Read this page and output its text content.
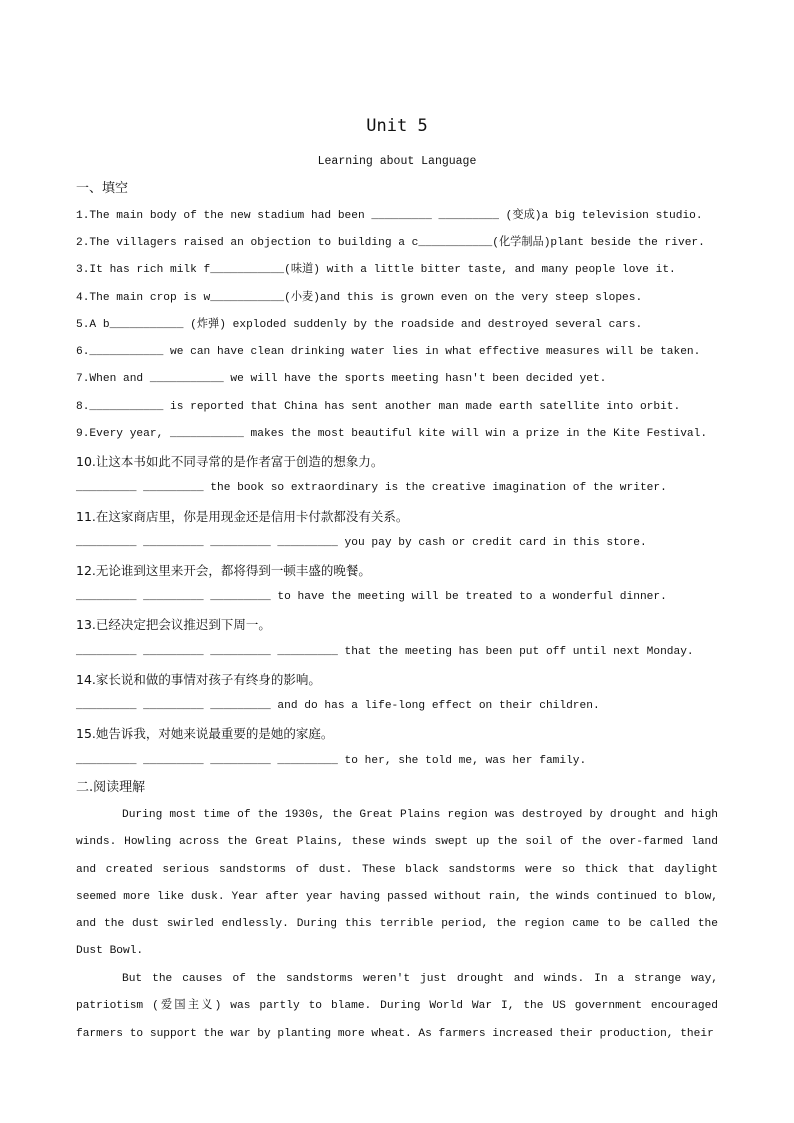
Unit 5
Learning about Language
一、填空
1.The main body of the new stadium had been _________ _________ (变成)a big television studio.
2.The villagers raised an objection to building a c___________(化学制品)plant beside the river.
3.It has rich milk f___________(味道) with a little bitter taste, and many people love it.
4.The main crop is w___________(小麦)and this is grown even on the very steep slopes.
5.A b___________ (炸弹) exploded suddenly by the roadside and destroyed several cars.
6.___________ we can have clean drinking water lies in what effective measures will be taken.
7.When and ___________ we will have the sports meeting hasn't been decided yet.
8.___________ is reported that China has sent another man made earth satellite into orbit.
9.Every year, ___________ makes the most beautiful kite will win a prize in the Kite Festival.
10.让这本书如此不同寻常的是作者富于创造的想象力。
_________ _________ the book so extraordinary is the creative imagination of the writer.
11.在这家商店里，你是用现金还是信用卡付款都没有关系。
_________ _________ _________ _________ you pay by cash or credit card in this store.
12.无论谁到这里来开会，都将得到一顿丰盛的晚餐。
_________ _________ _________ to have the meeting will be treated to a wonderful dinner.
13.已经决定把会议推迟到下周一。
_________ _________ _________ _________ that the meeting has been put off until next Monday.
14.家长说和做的事情对孩子有终身的影响。
_________ _________ _________ and do has a life-long effect on their children.
15.她告诉我，对她来说最重要的是她的家庭。
_________ _________ _________ _________ to her, she told me, was her family.
二.阅读理解
During most time of the 1930s, the Great Plains region was destroyed by drought and high winds. Howling across the Great Plains, these winds swept up the soil of the over-farmed land and created serious sandstorms of dust. These black sandstorms were so thick that daylight seemed more like dusk. Year after year having passed without rain, the winds continued to blow, and the dust swirled endlessly. During this terrible period, the region came to be called the Dust Bowl.
But the causes of the sandstorms weren't just drought and winds. In a strange way, patriotism (爱国主义) was partly to blame. During World War I, the US government encouraged farmers to support the war by planting more wheat. As farmers increased their production, their
